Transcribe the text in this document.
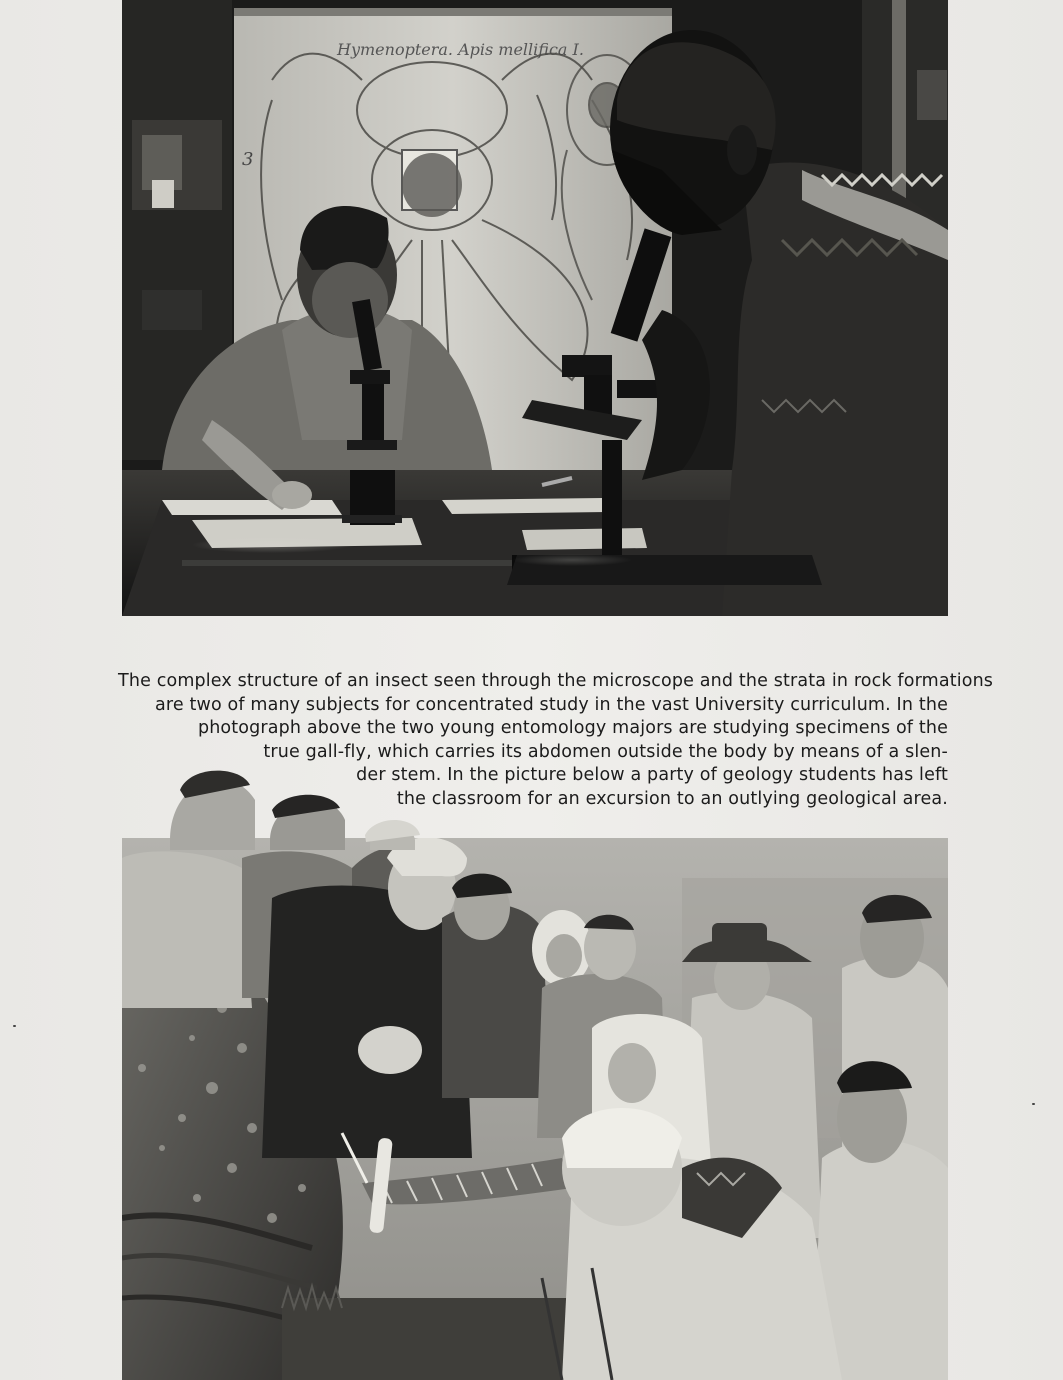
Hymenoptera. Apis mellifica I.
3
The complex structure of an insect seen through the microscope and the strata in rock formations
are two of many subjects for concentrated study in the vast University curriculum. In the
photograph above the two young entomology majors are studying specimens of the
true gall-fly, which carries its abdomen outside the body by means of a slen-
der stem. In the picture below a party of geology students has left
the classroom for an excursion to an outlying geological area.
